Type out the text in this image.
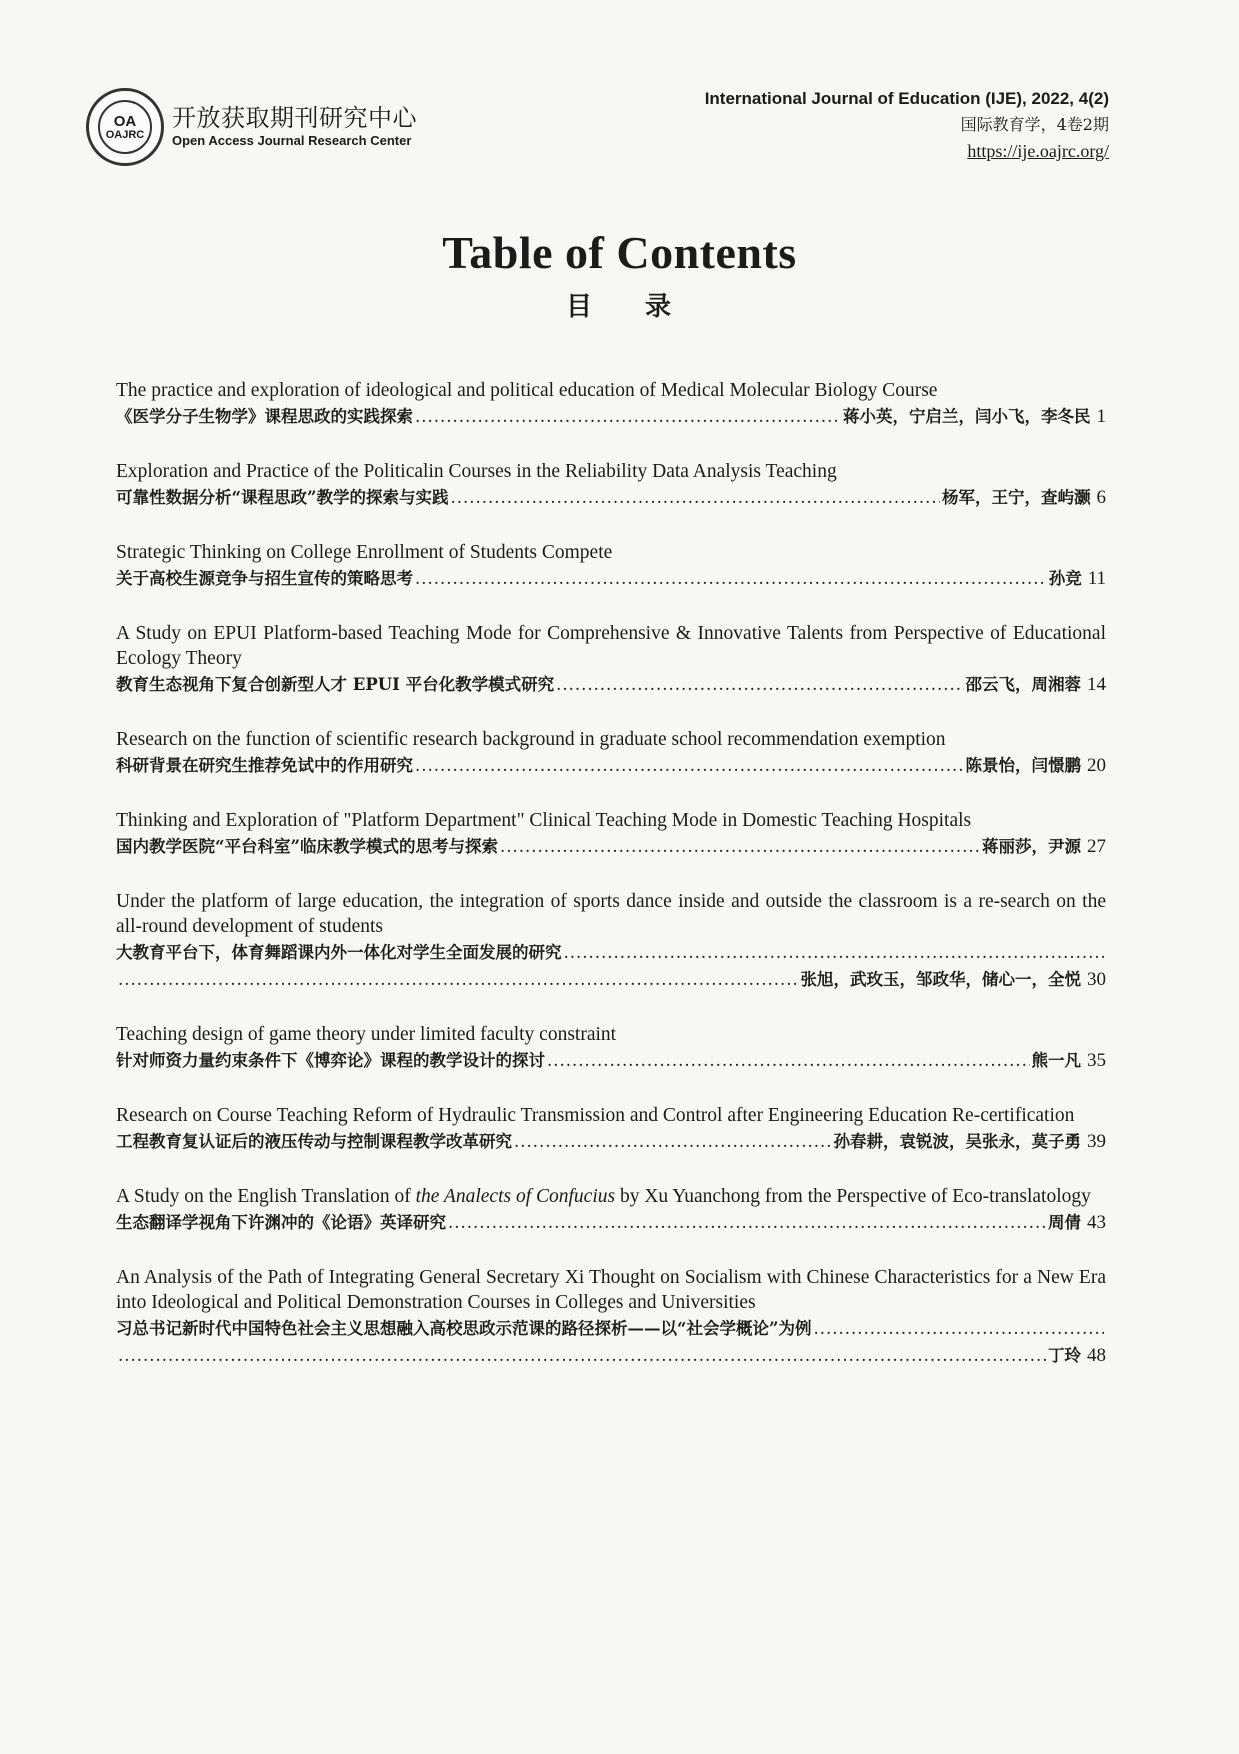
OA
OAJRC
开放获取期刊研究中心
Open Access Journal Research Center
International Journal of Education (IJE), 2022, 4(2)
国际教育学，4卷2期
https://ije.oajrc.org/
Table of Contents
目 录
The practice and exploration of ideological and political education of Medical Molecular Biology Course
《医学分子生物学》课程思政的实践探索 .....	蒋小英，宁启兰，闫小飞，李冬民 1
Exploration and Practice of the Politicalin Courses in the Reliability Data Analysis Teaching
可靠性数据分析“课程思政”教学的探索与实践 .....	杨军，王宁，查屿灏 6
Strategic Thinking on College Enrollment of Students Compete
关于高校生源竞争与招生宣传的策略思考 .....	孙竞 11
A Study on EPUI Platform-based Teaching Mode for Comprehensive & Innovative Talents from Perspective of Educational Ecology Theory
教育生态视角下复合创新型人才 EPUI 平台化教学模式研究 .....	邵云飞，周湘蓉 14
Research on the function of scientific research background in graduate school recommendation exemption
科研背景在研究生推荐免试中的作用研究 .....	陈景怡，闫憬鹏 20
Thinking and Exploration of "Platform Department" Clinical Teaching Mode in Domestic Teaching Hospitals
国内教学医院“平台科室”临床教学模式的思考与探索 .....	蒋丽莎，尹源 27
Under the platform of large education, the integration of sports dance inside and outside the classroom is a re-search on the all-round development of students
大教育平台下，体育舞蹈课内外一体化对学生全面发展的研究
.....
.....
张旭，武玫玉，邹政华，储心一，全悦 30
Teaching design of game theory under limited faculty constraint
针对师资力量约束条件下《博弈论》课程的教学设计的探讨 .....	熊一凡 35
Research on Course Teaching Reform of Hydraulic Transmission and Control after Engineering Education Re-certification
工程教育复认证后的液压传动与控制课程教学改革研究 .....	孙春耕，袁锐波，吴张永，莫子勇 39
A Study on the English Translation of the Analects of Confucius by Xu Yuanchong from the Perspective of Eco-translatology
生态翻译学视角下许渊冲的《论语》英译研究 .....	周倩 43
An Analysis of the Path of Integrating General Secretary Xi Thought on Socialism with Chinese Characteristics for a New Era into Ideological and Political Demonstration Courses in Colleges and Universities
习总书记新时代中国特色社会主义思想融入高校思政示范课的路径探析——以“社会学概论”为例
.....
.....
丁玲 48
